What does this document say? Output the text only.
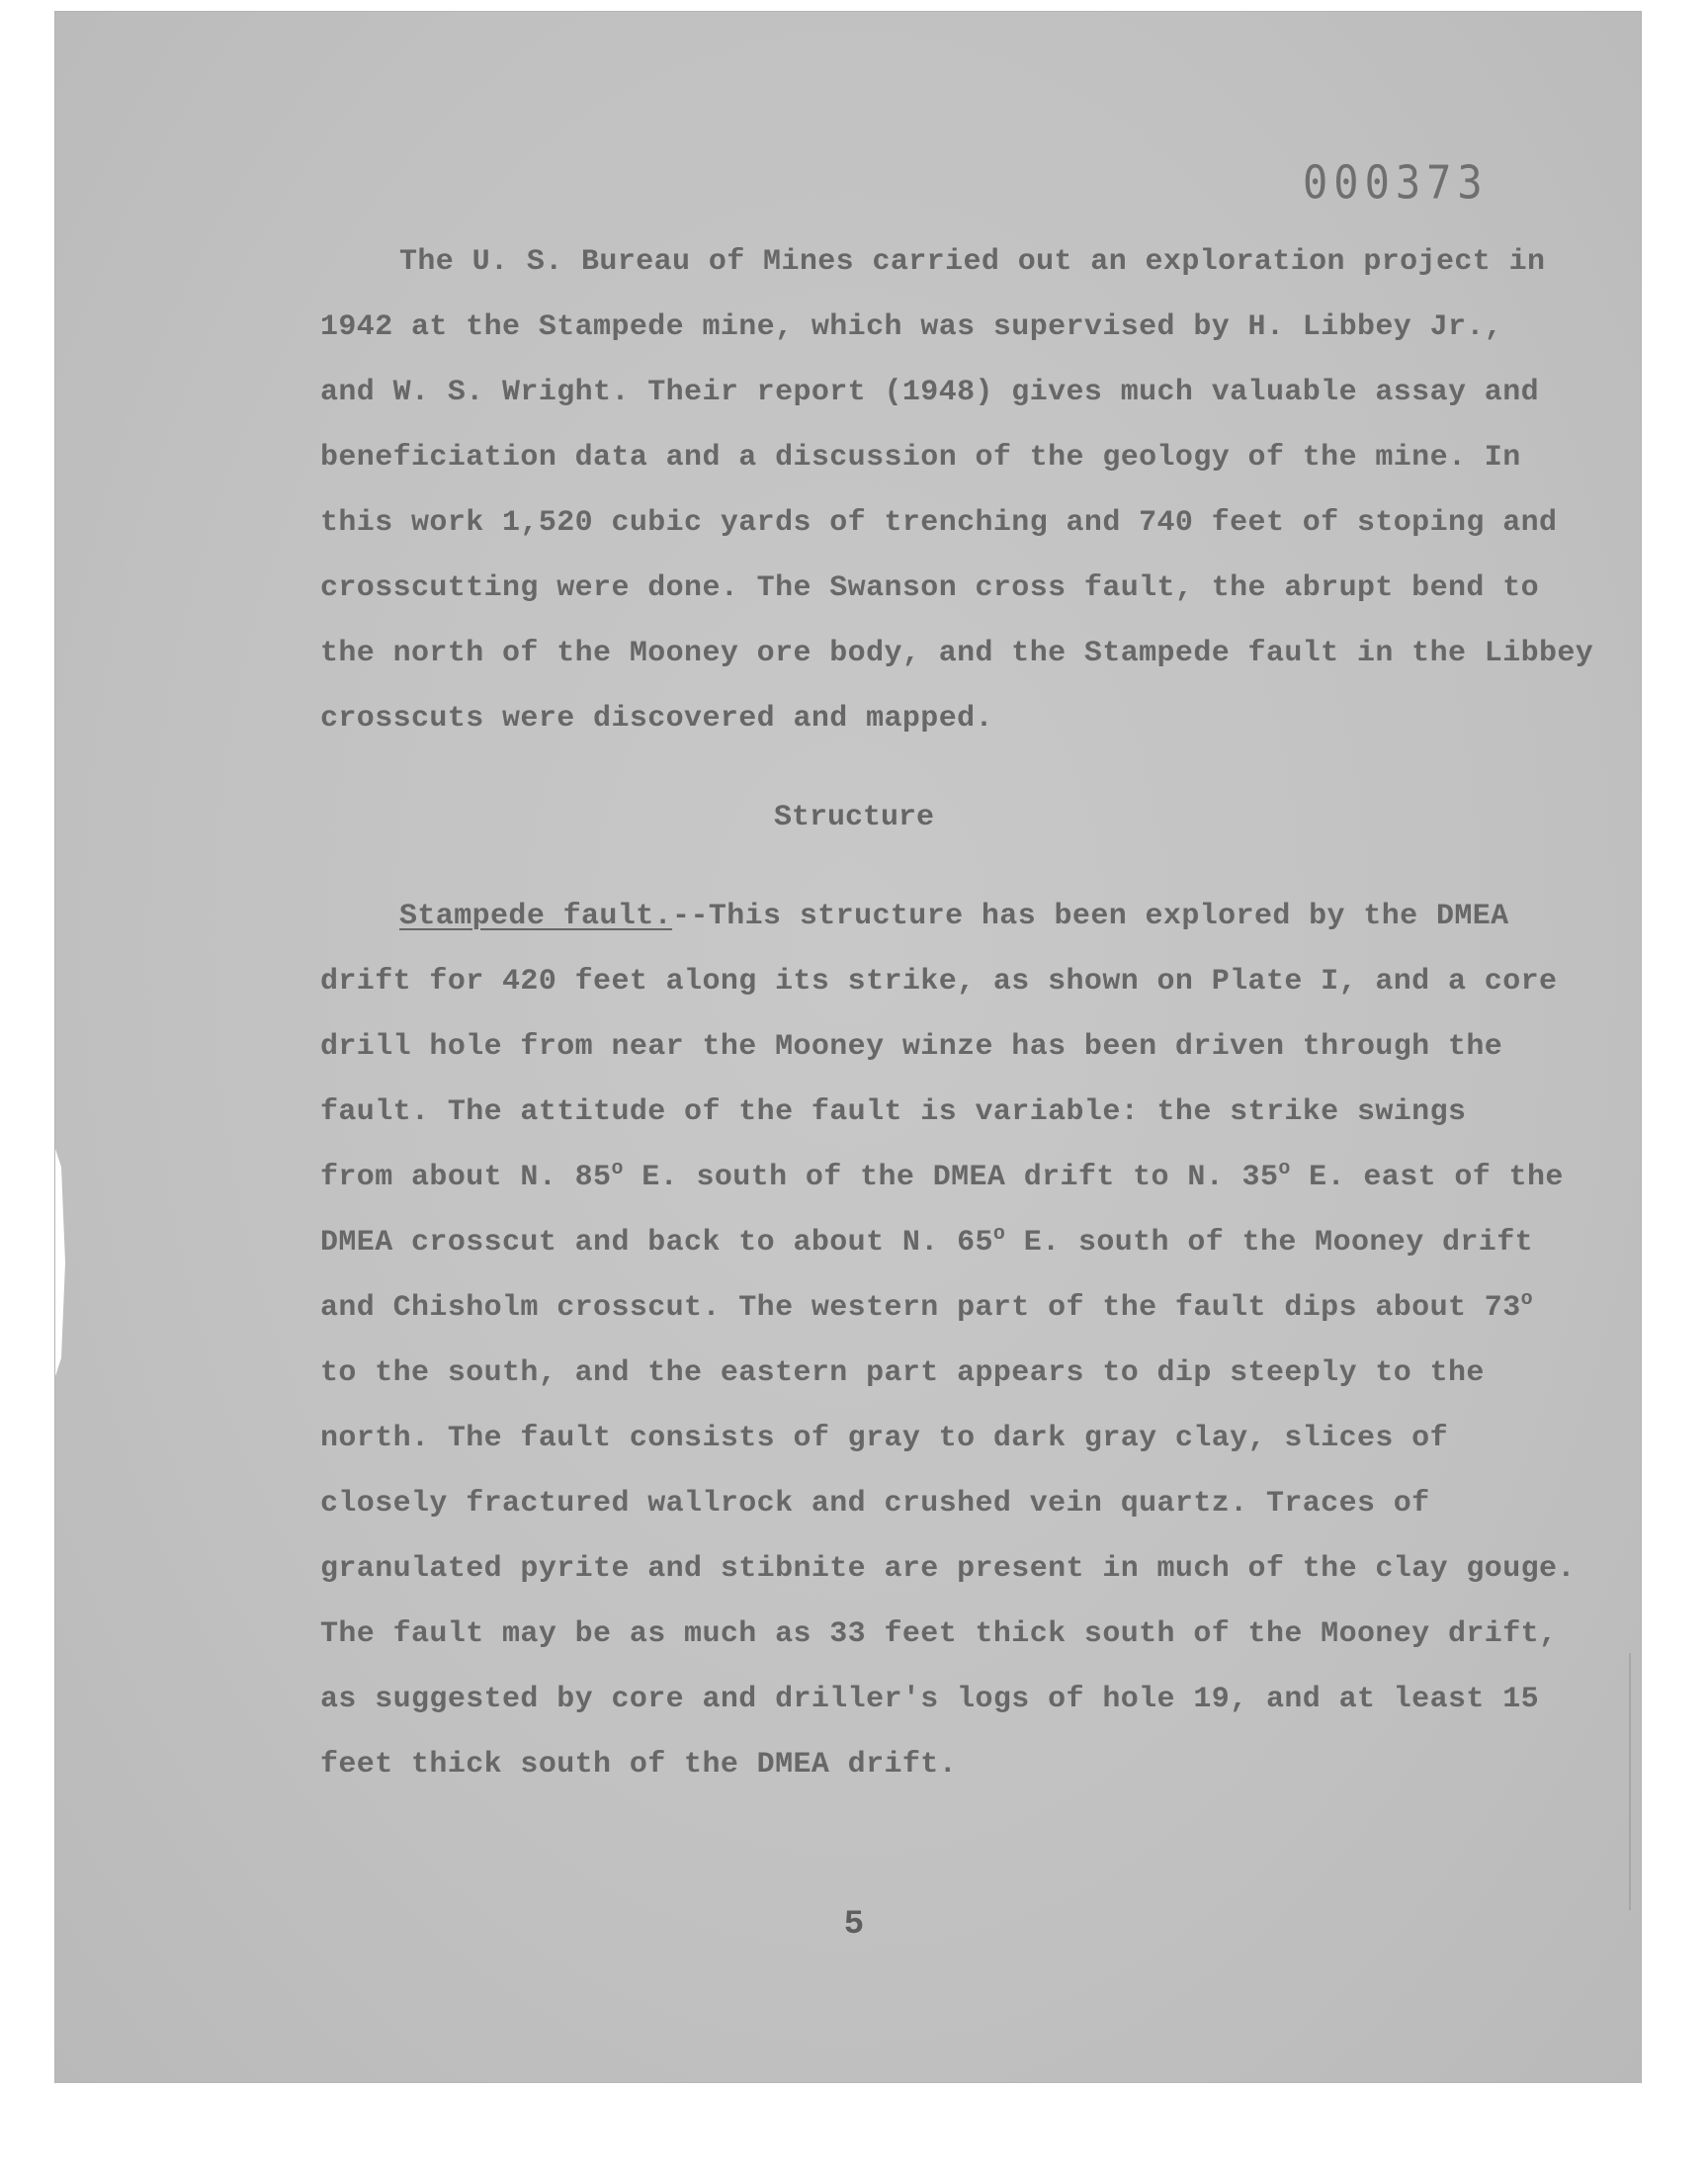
000373
The U. S. Bureau of Mines carried out an exploration project in
1942 at the Stampede mine, which was supervised by H. Libbey Jr.,
and W. S. Wright. Their report (1948) gives much valuable assay and
beneficiation data and a discussion of the geology of the mine. In
this work 1,520 cubic yards of trenching and 740 feet of stoping and
crosscutting were done. The Swanson cross fault, the abrupt bend to
the north of the Mooney ore body, and the Stampede fault in the Libbey
crosscuts were discovered and mapped.
Structure
Stampede fault.--This structure has been explored by the DMEA
drift for 420 feet along its strike, as shown on Plate I, and a core
drill hole from near the Mooney winze has been driven through the
fault. The attitude of the fault is variable: the strike swings
from about N. 85$^o$ E. south of the DMEA drift to N. 35$^o$ E. east of the
DMEA crosscut and back to about N. 65$^o$ E. south of the Mooney drift
and Chisholm crosscut. The western part of the fault dips about 73$^o$
to the south, and the eastern part appears to dip steeply to the
north. The fault consists of gray to dark gray clay, slices of
closely fractured wallrock and crushed vein quartz. Traces of
granulated pyrite and stibnite are present in much of the clay gouge.
The fault may be as much as 33 feet thick south of the Mooney drift,
as suggested by core and driller's logs of hole 19, and at least 15
feet thick south of the DMEA drift.
5
